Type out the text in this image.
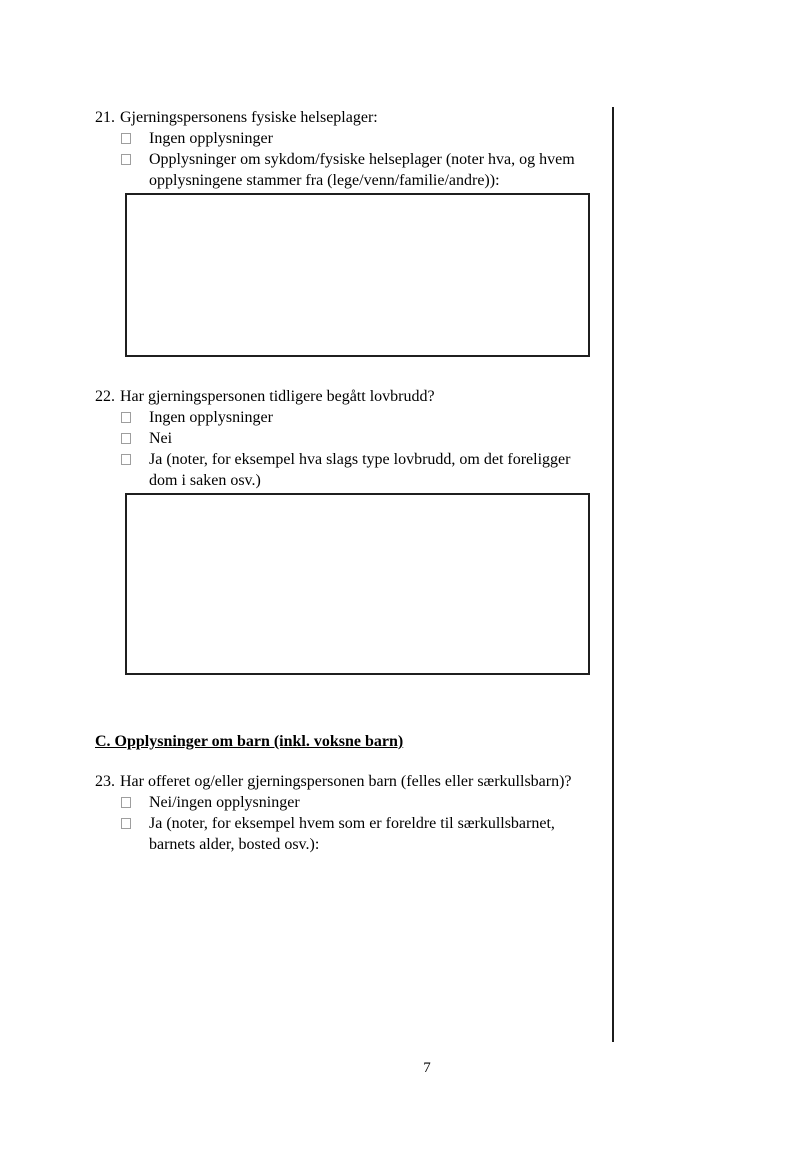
21. Gjerningspersonens fysiske helseplager:
Ingen opplysninger
Opplysninger om sykdom/fysiske helseplager (noter hva, og hvem opplysningene stammer fra (lege/venn/familie/andre)):
22. Har gjerningspersonen tidligere begått lovbrudd?
Ingen opplysninger
Nei
Ja (noter, for eksempel hva slags type lovbrudd, om det foreligger dom i saken osv.)
C. Opplysninger om barn (inkl. voksne barn)
23. Har offeret og/eller gjerningspersonen barn (felles eller særkullsbarn)?
Nei/ingen opplysninger
Ja (noter, for eksempel hvem som er foreldre til særkullsbarnet, barnets alder, bosted osv.):
7
